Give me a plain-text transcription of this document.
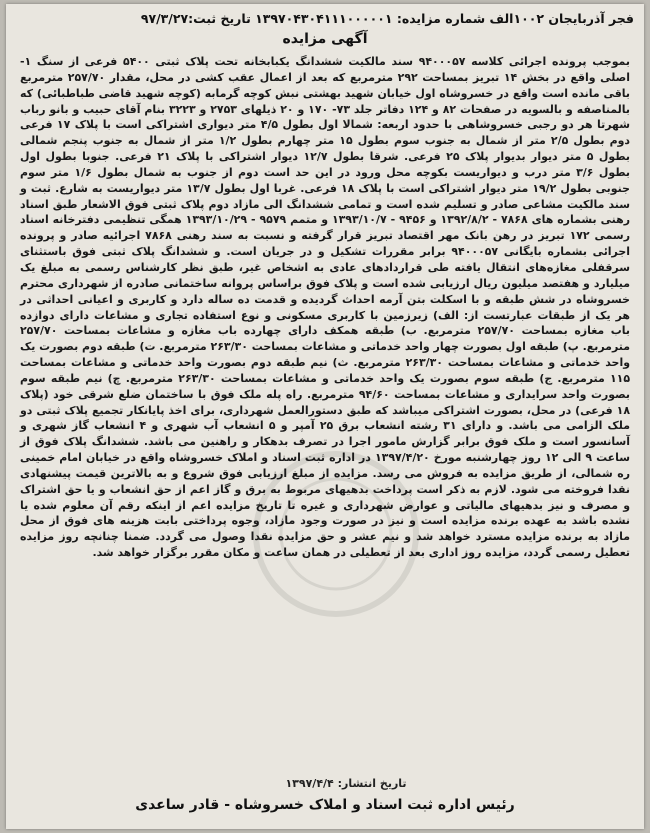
فجر آذربایجان ۱۰۰۲الف شماره مزایده: ۱۳۹۷۰۴۳۰۴۱۱۱۰۰۰۰۰۱ تاریخ ثبت:۹۷/۳/۲۷
آگهی مزایده

بموجب پرونده اجرائی کلاسه ۹۴۰۰۰۵۷ سند مالکیت ششدانگ یکبابخانه تحت پلاک ثبتی ۵۴۰۰ فرعی از سنگ ۱- اصلی واقع در بخش ۱۴ تبریز بمساحت ۲۹۲ مترمربع که بعد از اعمال عقب کشی در محل، مقدار ۲۵۷/۷۰ مترمربع باقی مانده است واقع در خسروشاه اول خیابان شهید بهشتی نبش کوچه گرمابه (کوچه شهید قاضی طباطبائی) که بالمناصفه و بالسویه در صفحات ۸۲ و ۱۲۴ دفاتر جلد ۷۳- ۱۷۰ و ۲۰ ذیلهای ۲۷۵۳ و ۳۲۲۳ بنام آقای حبیب و بانو رباب شهرتا هر دو رجبی خسروشاهی با حدود اربعه: شمالا اول بطول ۴/۵ متر دیواری اشتراکی است با پلاک ۱۷ فرعی دوم بطول ۲/۵ متر از شمال به جنوب سوم بطول ۱۵ متر چهارم بطول ۱/۲ متر از شمال به جنوب پنجم شمالی بطول ۵ متر دیوار بدیوار پلاک ۲۵ فرعی. شرقا بطول ۱۲/۷ دیوار اشتراکی با پلاک ۲۱ فرعی. جنوبا بطول اول بطول ۳/۶ متر درب و دیواریست بکوچه محل ورود در این حد است دوم از جنوب به شمال بطول ۱/۶ متر سوم جنوبی بطول ۱۹/۲ متر دیوار اشتراکی است با پلاک ۱۸ فرعی. غربا اول بطول ۱۳/۷ متر دیواریست به شارع. ثبت و سند مالکیت مشاعی صادر و تسلیم شده است و تمامی ششدانگ الی مازاد دوم پلاک ثبتی فوق الاشعار طبق اسناد رهنی بشماره های ۷۸۶۸ - ۱۳۹۲/۸/۲ و ۹۴۵۶ - ۱۳۹۳/۱۰/۷ و متمم ۹۵۷۹ - ۱۳۹۳/۱۰/۲۹ همگی تنظیمی دفترخانه اسناد رسمی ۱۷۲ تبریز در رهن بانک مهر اقتصاد تبریز قرار گرفته و نسبت به سند رهنی ۷۸۶۸ اجرائیه صادر و پرونده اجرائی بشماره بایگانی ۹۴۰۰۰۵۷ برابر مقررات تشکیل و در جریان است. و ششدانگ پلاک ثبتی فوق باستثنای سرقفلی مغازه‌های انتقال یافته طی قراردادهای عادی به اشخاص غیر، طبق نظر کارشناس رسمی به مبلغ یک میلیارد و هفتصد میلیون ریال ارزیابی شده است و پلاک فوق براساس پروانه ساختمانی صادره از شهرداری محترم خسروشاه در شش طبقه و با اسکلت بتن آرمه احداث گردیده و قدمت ده ساله دارد و کاربری و اعیانی احداثی در هر یک از طبقات عبارتست از: الف) زیرزمین با کاربری مسکونی و نوع استفاده تجاری و مشاعات دارای دوازده باب مغازه بمساحت ۲۵۷/۷۰ مترمربع. ب) طبقه همکف دارای چهارده باب مغازه و مشاعات بمساحت ۲۵۷/۷۰ مترمربع. پ) طبقه اول بصورت چهار واحد خدماتی و مشاعات بمساحت ۲۶۳/۳۰ مترمربع. ت) طبقه دوم بصورت یک واحد خدماتی و مشاعات بمساحت ۲۶۳/۳۰ مترمربع. ث) نیم طبقه دوم بصورت واحد خدماتی و مشاعات بمساحت ۱۱۵ مترمربع. ج) طبقه سوم بصورت یک واحد خدماتی و مشاعات بمساحت ۲۶۳/۳۰ مترمربع. چ) نیم طبقه سوم بصورت واحد سرایداری و مشاعات بمساحت ۹۴/۶۰ مترمربع. راه پله ملک فوق با ساختمان ضلع شرقی خود (پلاک ۱۸ فرعی) در محل، بصورت اشتراکی میباشد که طبق دستورالعمل شهرداری، برای اخذ پایانکار تجمیع پلاک ثبتی دو ملک الزامی می باشد. و دارای ۳۱ رشته انشعاب برق ۲۵ آمپر و ۵ انشعاب آب شهری و ۴ انشعاب گاز شهری و آسانسور است و ملک فوق برابر گزارش مامور اجرا در تصرف بدهکار و راهنین می باشد. ششدانگ پلاک فوق از ساعت ۹ الی ۱۲ روز چهارشنبه مورخ ۱۳۹۷/۴/۲۰ در اداره ثبت اسناد و املاک خسروشاه واقع در خیابان امام خمینی ره شمالی، از طریق مزایده به فروش می رسد. مزایده از مبلغ ارزیابی فوق شروع و به بالاترین قیمت پیشنهادی نقدا فروخته می شود. لازم به ذکر است پرداخت بدهیهای مربوط به برق و گاز اعم از حق انشعاب و یا حق اشتراک و مصرف و نیز بدهیهای مالیاتی و عوارض شهرداری و غیره تا تاریخ مزایده اعم از اینکه رقم آن معلوم شده یا نشده باشد به عهده برنده مزایده است و نیز در صورت وجود مازاد، وجوه پرداختی بابت هزینه های فوق از محل مازاد به برنده مزایده مسترد خواهد شد و نیم عشر و حق مزایده نقدا وصول می گردد. ضمنا چنانچه روز مزایده تعطیل رسمی گردد، مزایده روز اداری بعد از تعطیلی در همان ساعت و مکان مقرر برگزار خواهد شد.

تاریخ انتشار: ۱۳۹۷/۴/۴
رئیس اداره ثبت اسناد و املاک خسروشاه - قادر ساعدی
